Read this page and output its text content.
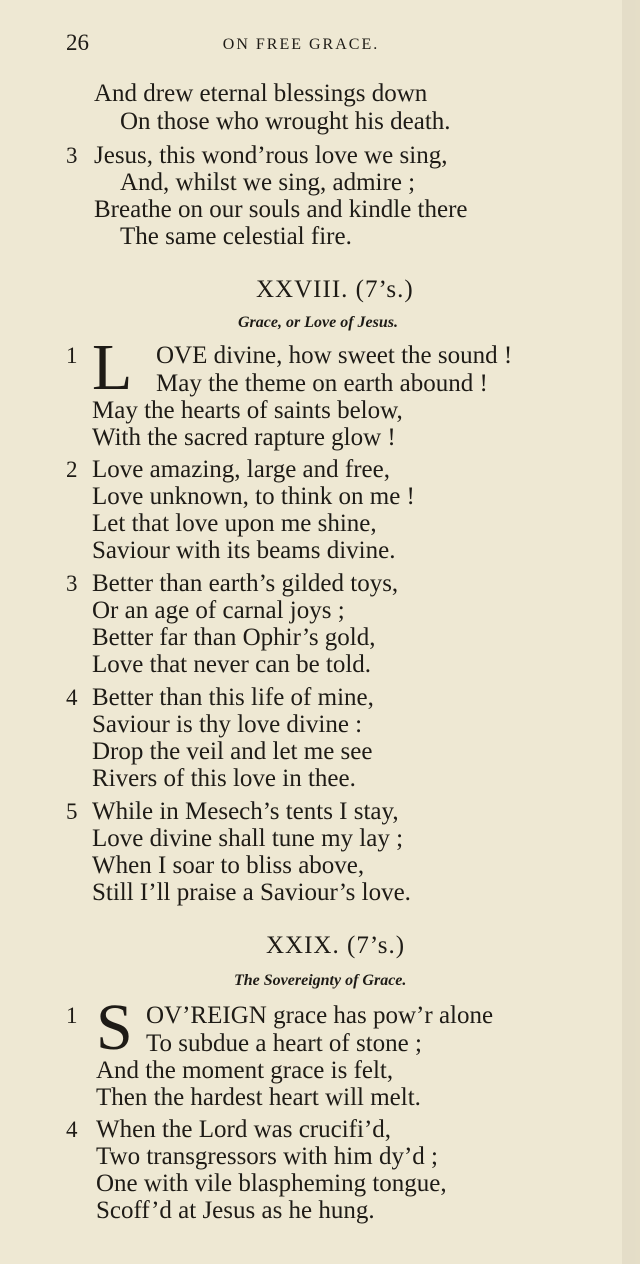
26	ON FREE GRACE.
And drew eternal blessings down
On those who wrought his death.
3 Jesus, this wond’rous love we sing,
And, whilst we sing, admire ;
Breathe on our souls and kindle there
The same celestial fire.
XXVIII. (7’s.)
Grace, or Love of Jesus.
1 L OVE divine, how sweet the sound !
May the theme on earth abound !
May the hearts of saints below,
With the sacred rapture glow !
2 Love amazing, large and free,
Love unknown, to think on me !
Let that love upon me shine,
Saviour with its beams divine.
3 Better than earth’s gilded toys,
Or an age of carnal joys ;
Better far than Ophir’s gold,
Love that never can be told.
4 Better than this life of mine,
Saviour is thy love divine :
Drop the veil and let me see
Rivers of this love in thee.
5 While in Mesech’s tents I stay,
Love divine shall tune my lay ;
When I soar to bliss above,
Still I’ll praise a Saviour’s love.
XXIX. (7’s.)
The Sovereignty of Grace.
1 S OV’REIGN grace has pow’r alone
To subdue a heart of stone ;
And the moment grace is felt,
Then the hardest heart will melt.
4 When the Lord was crucifi’d,
Two transgressors with him dy’d ;
One with vile blaspheming tongue,
Scoff’d at Jesus as he hung.
